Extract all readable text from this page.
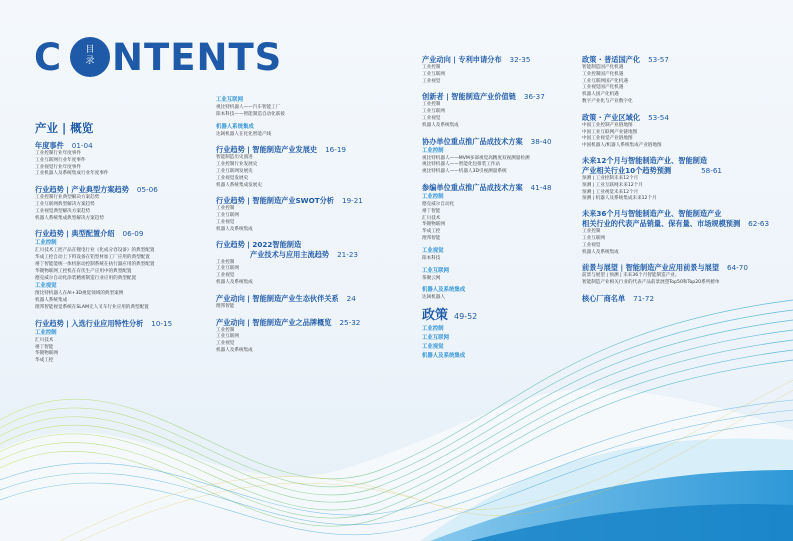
C	目
录 NTENTS
产业 | 概览
年度事件 01-04
工业控制行业年度事件
工业互联网行业年度事件
工业视觉行业年度事件
工业机器人及系统集成行业年度事件
行业趋势 | 产业典型方案趋势 05-06
工业控制行业典型解决方案趋势
工业互联网典型解决方案趋势
工业视觉典型解决方案趋势
机器人系统集成典型解决方案趋势
行业趋势 | 典型配置介绍 06-09
工业控制
汇川技术工控产品在锂电行业《化成分容设备》的典型配置
华成工控自动上下料设备在铝型材加工厂应用的典型配置
禧丁智能能统一体机驱动控制系统在执行器应用的典型配置
华镀物联网工控机在有伏生产应用中的典型配置
德克威尔自动化涂装精密制造行业应用的典型配置
工业视觉
图比特机器人在AI+3D视觉领域的典型案例
机器人系统集成
理邦智能视觉系统在SLAM无人叉车行业应用的典型配置
行业趋势 | 入选行业应用特性分析 10-15
工业控制
汇川技术
禧丁智能
华镀物联网
华成工控
工业互联网
视比特机器人——汽车智能工厂
阳本科技——智能制造自动化联接
机器人系统集成
达闼机器人在化化智能产线
行业趋势 | 智能制造产业发展史 16-19
智能制造历史演进
工业控制行业发展史
工业互联网发展史
工业视觉发展史
机器人系统集成发展史
行业趋势 | 智能制造产业SWOT分析 19-21
工业控制
工业互联网
工业视觉
机器人及系统集成
行业趋势 | 2022智能制造
产业技术与应用主流趋势 21-23
工业控制
工业互联网
工业视觉
机器人及系统集成
产业动向 | 智能制造产业生态伙伴关系 24
理邦智能
产业动向 | 智能制造产业之品牌概览 25-32
工业控制
工业互联网
工业视觉
机器人及系统集成
产业动向 | 专利申请分布 32-35
工业控制
工业互联网
工业视觉
创新者 | 智能制造产业价值链 36-37
工业控制
工业互联网
工业视觉
机器人及系统集成
协办单位重点推广品成技术方案 38-40
工业控制
视比特机器人——MVM多部视觉高精度双视测量检测
视比特机器人——智能化包排装工作站
视比特机器人——机器人3D引视测量系统
参编单位重点推广品成技术方案 41-48
工业控制
德克威尔自动化
禧丁智能
汇川技术
华镀物联网
华成工控
理邦智能
工业视觉
阳本科技
工业互联网
茶聚云网
机器人及系统集成
达闼机器人
政策 49-52
工业控制
工业互联网
工业视觉
机器人及系统集成
政策 · 普适国产化 53-57
智能制造国产化机遇
工业控制国产化机遇
工业互联网国产化机遇
工业视觉国产化机遇
机器人国产化机遇
数字产业化与产业数字化
政策 · 产业区域化 53-54
中国工业控制产业链地图
中国工业互联网产业链地图
中国工业视觉产业链地图
中国机器人/机器人系统集成产业链地图
未来12个月与智能制造产业、智能制造
产业相关行业10个趋势预测	58-61
预测 | 工业控制未来12个月
预测 | 工业互联网未来12个月
预测 | 工业视觉未来12个月
预测 | 机器人及系统集成未来12个月
未来36个月与智能制造产业、智能制造产业
相关行业的代表产品销量、保有量、市场规模预测 62-63
工业控制
工业互联网
工业视觉
机器人及系统集成
前景与展望 | 智能制造产业应用前景与展望 64-70
前景与展望 | 预测 | 未来36个月智能制造产业。
智能制造产业相关行业的代表产品前景展望Top50和Top20系列榜单
核心厂商名单 71-72
